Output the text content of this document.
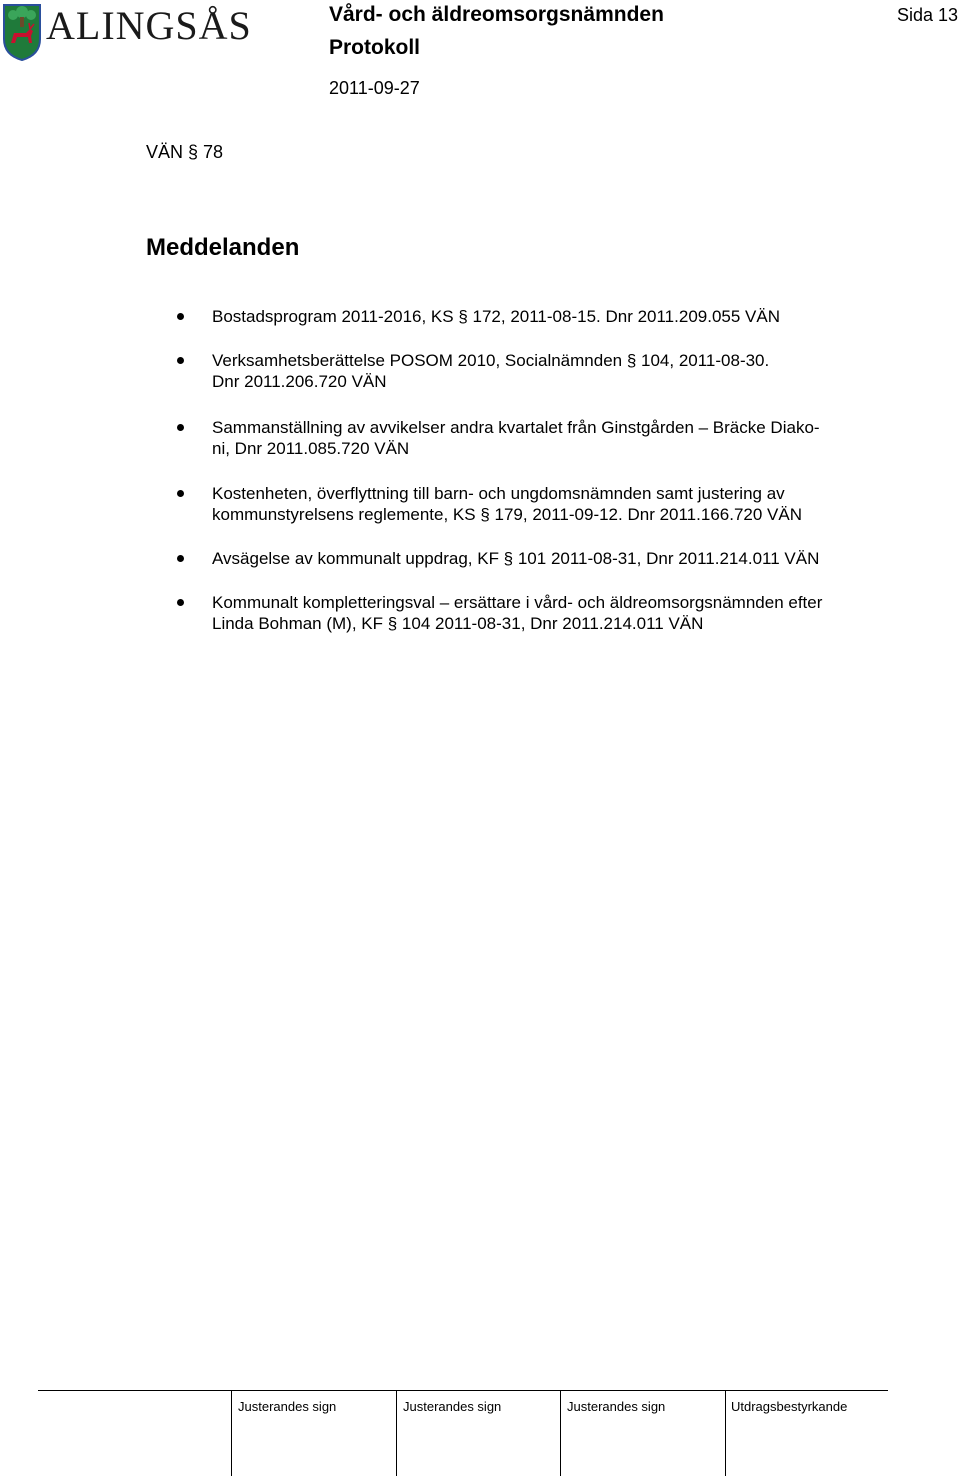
ALINGSÅS	Vård- och äldreomsorgsnämnden
Protokoll
2011-09-27
Sida 13
VÄN § 78
Meddelanden
Bostadsprogram 2011-2016, KS § 172, 2011-08-15. Dnr 2011.209.055 VÄN
Verksamhetsberättelse POSOM 2010, Socialnämnden § 104, 2011-08-30.
Dnr 2011.206.720 VÄN
Sammanställning av avvikelser andra kvartalet från Ginstgården – Bräcke Diako-
ni, Dnr 2011.085.720 VÄN
Kostenheten, överflyttning till barn- och ungdomsnämnden samt justering av
kommunstyrelsens reglemente, KS § 179, 2011-09-12. Dnr 2011.166.720 VÄN
Avsägelse av kommunalt uppdrag, KF § 101 2011-08-31, Dnr 2011.214.011 VÄN
Kommunalt kompletteringsval – ersättare i vård- och äldreomsorgsnämnden efter
Linda Bohman (M), KF § 104 2011-08-31, Dnr 2011.214.011 VÄN
Justerandes sign	Justerandes sign	Justerandes sign	Utdragsbestyrkande
